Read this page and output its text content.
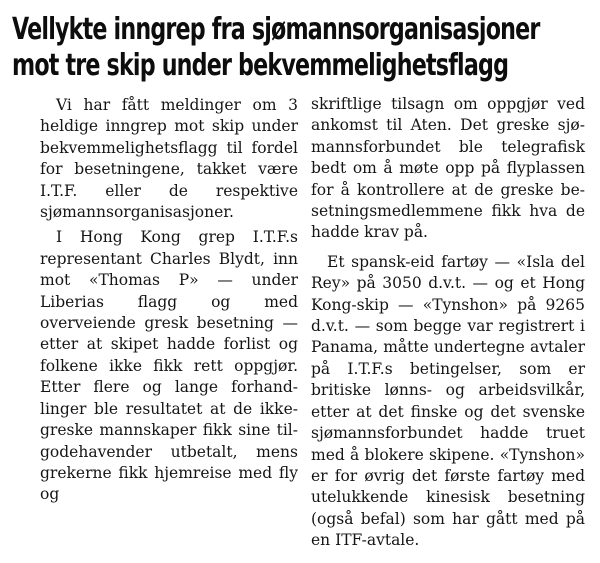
Vellykte inngrep fra sjømannsorganisasjoner
mot tre skip under bekvemmelighetsflagg

Vi har fått meldinger om 3 heldige inngrep mot skip under bekvemmelighetsflagg til fordel for besetningene, takket være I.T.F. eller de respektive sjømannsorganisasjoner.

I Hong Kong grep I.T.F.s representant Charles Blydt, inn mot «Thomas P» — under Liberias flagg og med overveiende gresk besetning — etter at skipet hadde forlist og folkene ikke fikk rett oppgjør. Etter flere og lange forhandlinger ble resultatet at de ikkegreske mannskaper fikk sine tilgodehavender utbetalt, mens grekerne fikk hjemreise med fly og

skriftlige tilsagn om oppgjør ved ankomst til Aten. Det greske sjømannsforbundet ble telegrafisk bedt om å møte opp på flyplassen for å kontrollere at de greske besetningsmedlemmene fikk hva de hadde krav på.

Et spansk-eid fartøy — «Isla del Rey» på 3050 d.v.t. — og et Hong Kong-skip — «Tynshon» på 9265 d.v.t. — som begge var registrert i Panama, måtte undertegne avtaler på I.T.F.s betingelser, som er britiske lønns- og arbeidsvilkår, etter at det finske og det svenske sjømannsforbundet hadde truet med å blokere skipene. «Tynshon» er for øvrig det første fartøy med utelukkende kinesisk besetning (også befal) som har gått med på en ITF-avtale.
